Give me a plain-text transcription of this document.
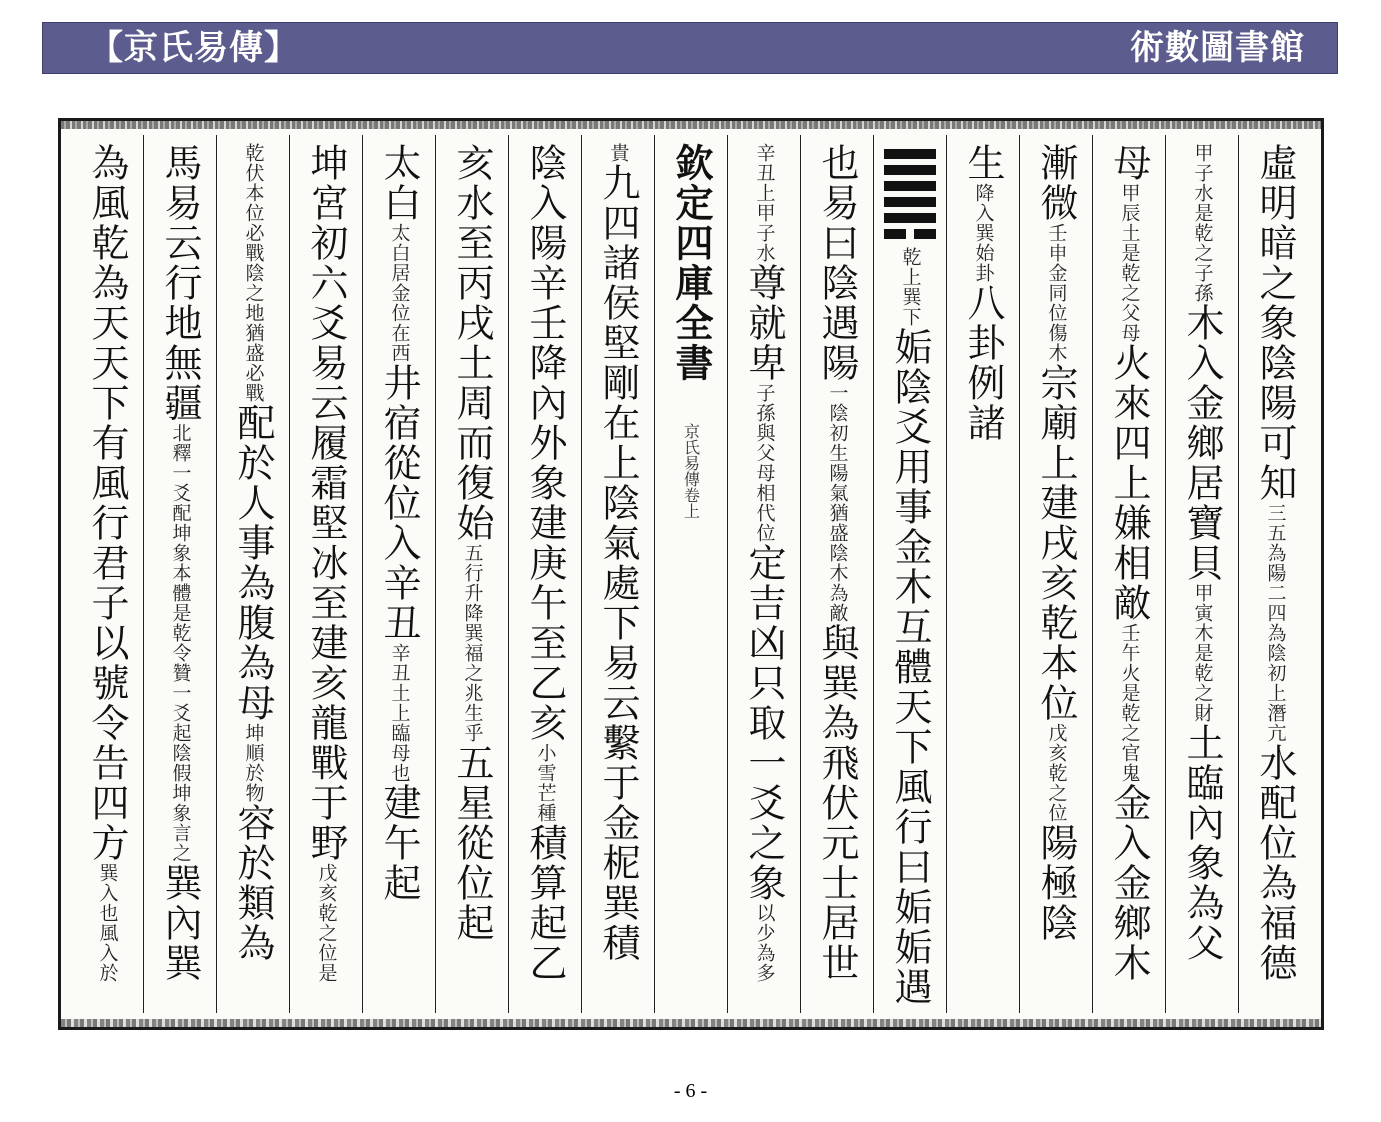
【京氏易傳】	術數圖書館
虛明暗之象陰陽可知
三五為陽二四為陰初上潛亢
水配位為福德
甲子水是乾之子孫
木入金鄉居寶貝
甲寅木是乾之財
土臨內象為父
母
甲辰土是乾之父母
火來四上嫌相敵
壬午火是乾之官鬼
金入金鄉木
漸微
壬申金同位傷木
宗廟上建戌亥乾本位
戊亥乾之位
陽極陰
生
降入巽始卦
八卦例諸
乾上巽下
姤陰爻用事金木互體天下風行曰姤姤遇
也易曰陰遇陽
一陰初生陽氣猶盛陰木為敵
與巽為飛伏元士居世
辛丑上甲子水
尊就卑
子孫與父母相代位
定吉凶只取一爻之象
以少為多
欽定四庫全書
京氏易傳卷上
貴
九四諸侯堅剛在上陰氣處下易云繫于金柅巽積
陰入陽辛壬降內外象建庚午至乙亥
小雪芒種
積算起乙
亥水至丙戌土周而復始
五行升降巽福之兆生乎
五星從位起
太白
太白居金位在西
井宿從位入辛丑
辛丑土上臨母也
建午起
坤宮初六爻易云履霜堅冰至建亥龍戰于野
戊亥乾之位是
乾伏本位必戰陰之地猶盛必戰
配於人事為腹為母
坤順於物
容於類為
馬易云行地無疆
北釋一爻配坤象本體是乾令贊一爻起陰假坤象言之
巽內巽
為風乾為天天下有風行君子以號令告四方
巽入也風入於
- 6 -
